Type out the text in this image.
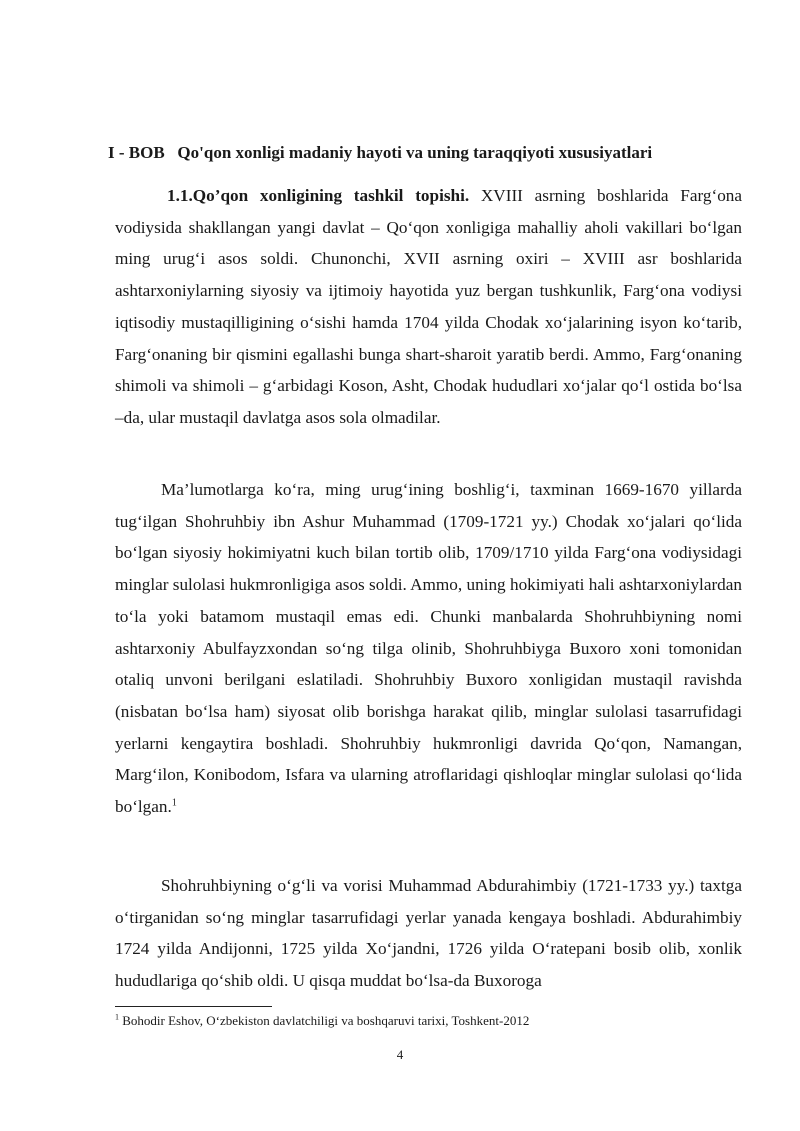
I - BOB   Qo'qon xonligi madaniy hayoti va uning taraqqiyoti xususiyatlari

1.1.Qo’qon xonligining tashkil topishi. XVIII asrning boshlarida Farg‘ona vodiysida shakllangan yangi davlat – Qo‘qon xonligiga mahalliy aholi vakillari bo‘lgan ming urug‘i asos soldi. Chunonchi, XVII asrning oxiri – XVIII asr boshlarida ashtarxoniylarning siyosiy va ijtimoiy hayotida yuz bergan tushkunlik, Farg‘ona vodiysi iqtisodiy mustaqilligining o‘sishi hamda 1704 yilda Chodak xo‘jalarining isyon ko‘tarib, Farg‘onaning bir qismini egallashi bunga shart-sharoit yaratib berdi. Ammo, Farg‘onaning shimoli va shimoli – g‘arbidagi Koson, Asht, Chodak hududlari xo‘jalar qo‘l ostida bo‘lsa –da, ular mustaqil davlatga asos sola olmadilar.

Ma’lumotlarga ko‘ra, ming urug‘ining boshlig‘i, taxminan 1669-1670 yillarda tug‘ilgan Shohruhbiy ibn Ashur Muhammad (1709-1721 yy.) Chodak xo‘jalari qo‘lida bo‘lgan siyosiy hokimiyatni kuch bilan tortib olib, 1709/1710 yilda Farg‘ona vodiysidagi minglar sulolasi hukmronligiga asos soldi. Ammo, uning hokimiyati hali ashtarxoniylardan to‘la yoki batamom mustaqil emas edi. Chunki manbalarda Shohruhbiyning nomi ashtarxoniy Abulfayzxondan so‘ng tilga olinib, Shohruhbiyga Buxoro xoni tomonidan otaliq unvoni berilgani eslatiladi. Shohruhbiy Buxoro xonligidan mustaqil ravishda (nisbatan bo‘lsa ham) siyosat olib borishga harakat qilib, minglar sulolasi tasarrufidagi yerlarni kengaytira boshladi. Shohruhbiy hukmronligi davrida Qo‘qon, Namangan, Marg‘ilon, Konibodom, Isfara va ularning atroflaridagi qishloqlar minglar sulolasi qo‘lida bo‘lgan.$^1$

Shohruhbiyning o‘g‘li va vorisi Muhammad Abdurahimbiy (1721-1733 yy.) taxtga o‘tirganidan so‘ng minglar tasarrufidagi yerlar yanada kengaya boshladi. Abdurahimbiy 1724 yilda Andijonni, 1725 yilda Xo‘jandni, 1726 yilda O‘ratepani bosib olib, xonlik hududlariga qo‘shib oldi. U qisqa muddat bo‘lsa-da Buxoroga

$^1$ Bohodir Eshov, O‘zbekiston davlatchiligi va boshqaruvi tarixi, Toshkent-2012

4
